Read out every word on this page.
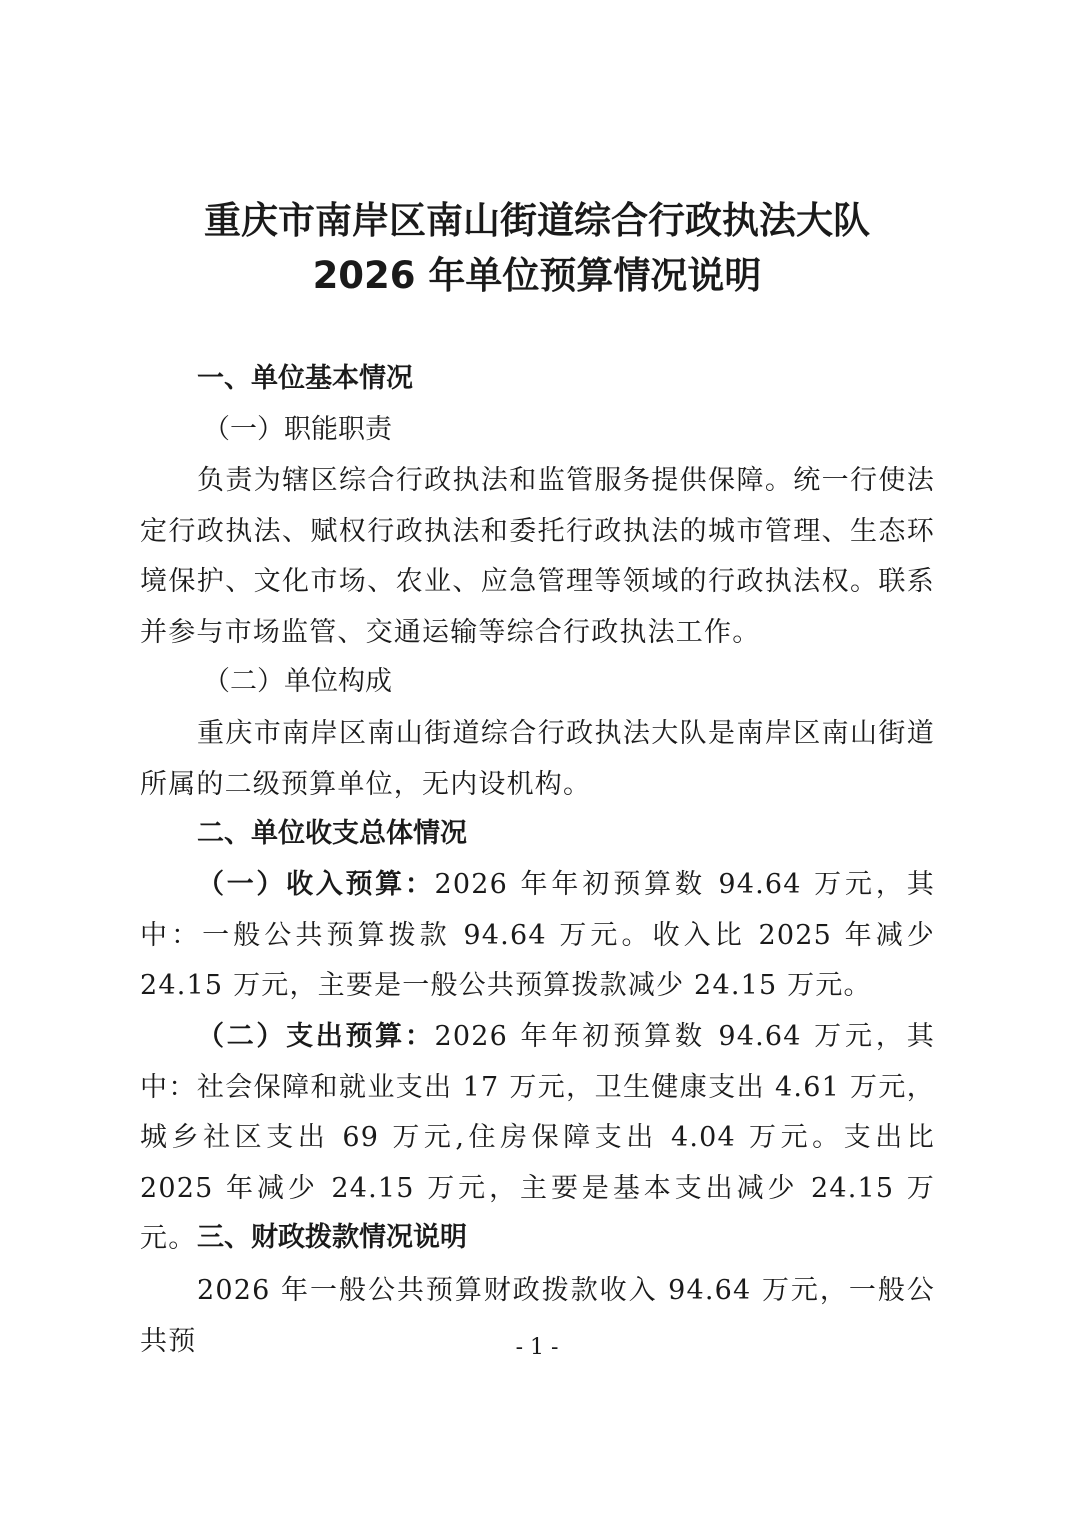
重庆市南岸区南山街道综合行政执法大队
2026 年单位预算情况说明
一、单位基本情况
（一）职能职责
负责为辖区综合行政执法和监管服务提供保障。统一行使法定行政执法、赋权行政执法和委托行政执法的城市管理、生态环境保护、文化市场、农业、应急管理等领域的行政执法权。联系并参与市场监管、交通运输等综合行政执法工作。
（二）单位构成
重庆市南岸区南山街道综合行政执法大队是南岸区南山街道所属的二级预算单位，无内设机构。
二、单位收支总体情况
（一）收入预算：2026 年年初预算数 94.64 万元，其中：一般公共预算拨款 94.64 万元。收入比 2025 年减少 24.15 万元，主要是一般公共预算拨款减少 24.15 万元。
（二）支出预算：2026 年年初预算数 94.64 万元，其中：社会保障和就业支出 17 万元，卫生健康支出 4.61 万元，城乡社区支出 69 万元,住房保障支出 4.04 万元。支出比 2025 年减少 24.15 万元，主要是基本支出减少 24.15 万元。 三、财政拨款情况说明
2026 年一般公共预算财政拨款收入 94.64 万元，一般公共预	- 1 -
